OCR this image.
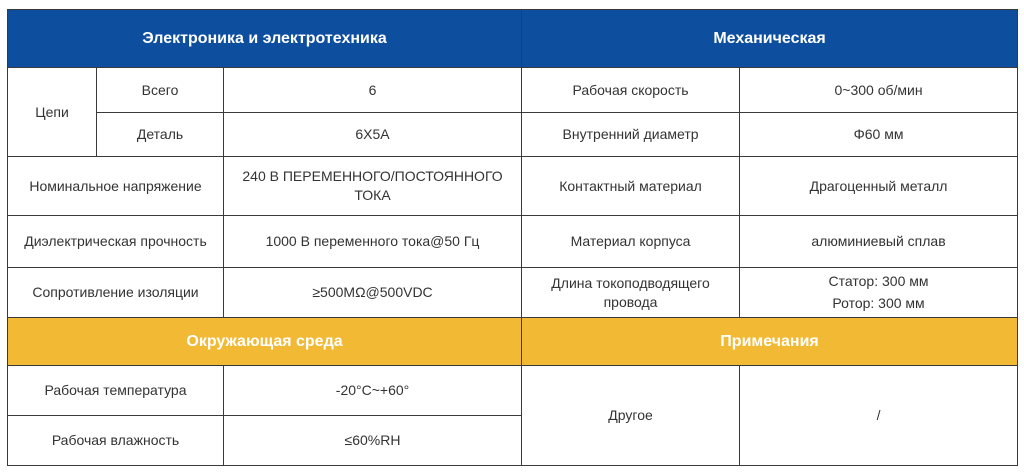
Электроника и электротехника			Механическая	
Цепи	Всего	6	Рабочая скорость	0~300 об/мин
	Деталь	6X5A	Внутренний диаметр	Φ60 мм
Номинальное напряжение		240 В ПЕРЕМЕННОГО/ПОСТОЯННОГО ТОКА	Контактный материал	Драгоценный металл
Диэлектрическая прочность		1000 В переменного тока@50 Гц	Материал корпуса	алюминиевый сплав
Сопротивление изоляции		≥500MΩ@500VDC	Длина токоподводящего провода	Статор: 300 мм
Ротор: 300 мм

Окружающая среда			Примечания	
Рабочая температура		-20°C~+60°	Другое	/
Рабочая влажность		≤60%RH		
